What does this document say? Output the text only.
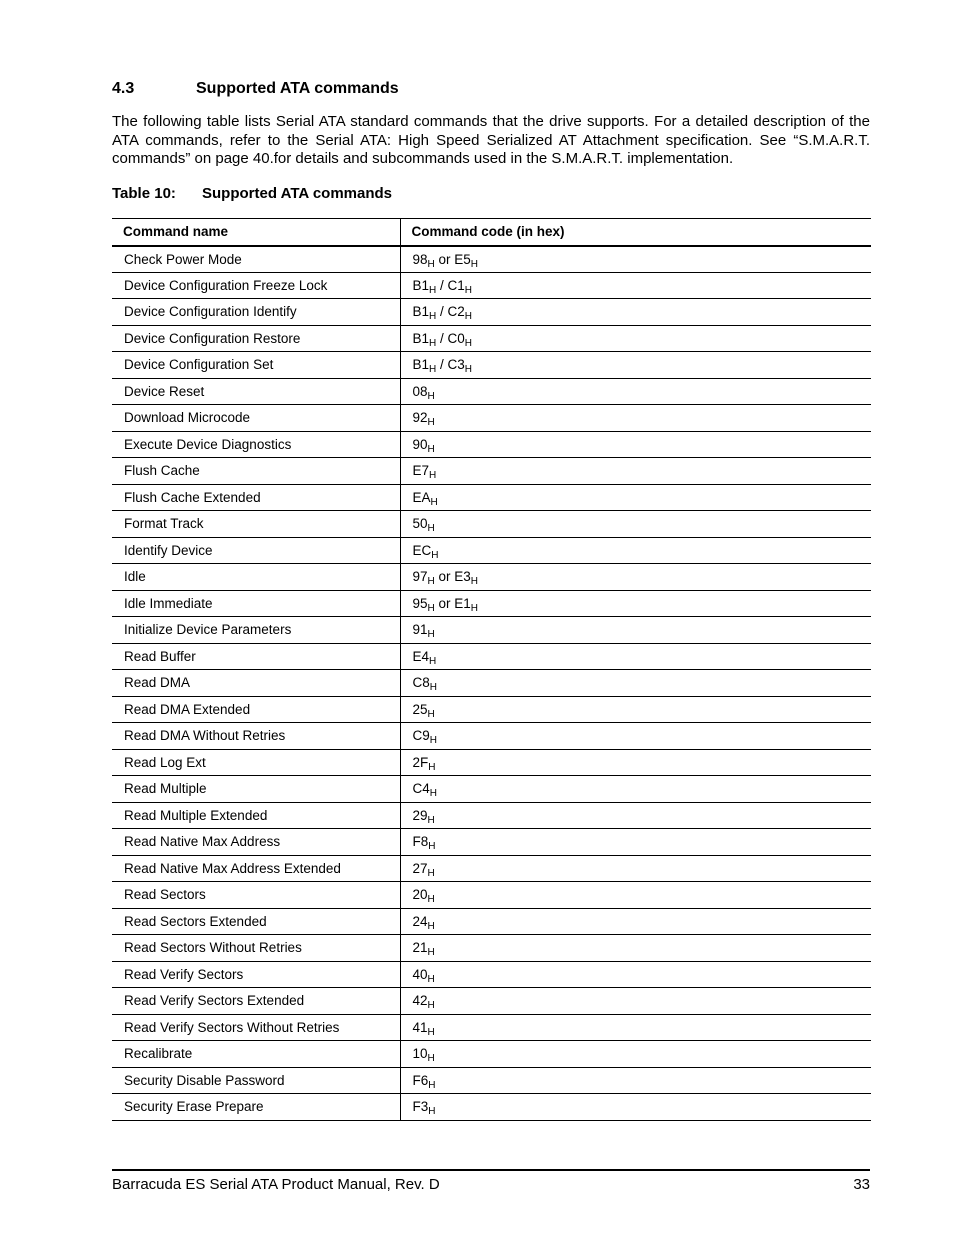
4.3	Supported ATA commands

The following table lists Serial ATA standard commands that the drive supports. For a detailed description of the ATA commands, refer to the Serial ATA: High Speed Serialized AT Attachment specification. See “S.M.A.R.T. commands” on page 40.for details and subcommands used in the S.M.A.R.T. implementation.

Table 10: Supported ATA commands

Command name	Command code (in hex)
Check Power Mode	$98_H$ or $E5_H$
Device Configuration Freeze Lock	$B1_H / C1_H$
Device Configuration Identify	$B1_H / C2_H$
Device Configuration Restore	$B1_H / C0_H$
Device Configuration Set	$B1_H / C3_H$
Device Reset	$08_H$
Download Microcode	$92_H$
Execute Device Diagnostics	$90_H$
Flush Cache	$E7_H$
Flush Cache Extended	$EA_H$
Format Track	$50_H$
Identify Device	$EC_H$
Idle	$97_H$ or $E3_H$
Idle Immediate	$95_H$ or $E1_H$
Initialize Device Parameters	$91_H$
Read Buffer	$E4_H$
Read DMA	$C8_H$
Read DMA Extended	$25_H$
Read DMA Without Retries	$C9_H$
Read Log Ext	$2F_H$
Read Multiple	$C4_H$
Read Multiple Extended	$29_H$
Read Native Max Address	$F8_H$
Read Native Max Address Extended	$27_H$
Read Sectors	$20_H$
Read Sectors Extended	$24_H$
Read Sectors Without Retries	$21_H$
Read Verify Sectors	$40_H$
Read Verify Sectors Extended	$42_H$
Read Verify Sectors Without Retries	$41_H$
Recalibrate	$10_H$
Security Disable Password	$F6_H$
Security Erase Prepare	$F3_H$
Barracuda ES Serial ATA Product Manual, Rev. D	33
